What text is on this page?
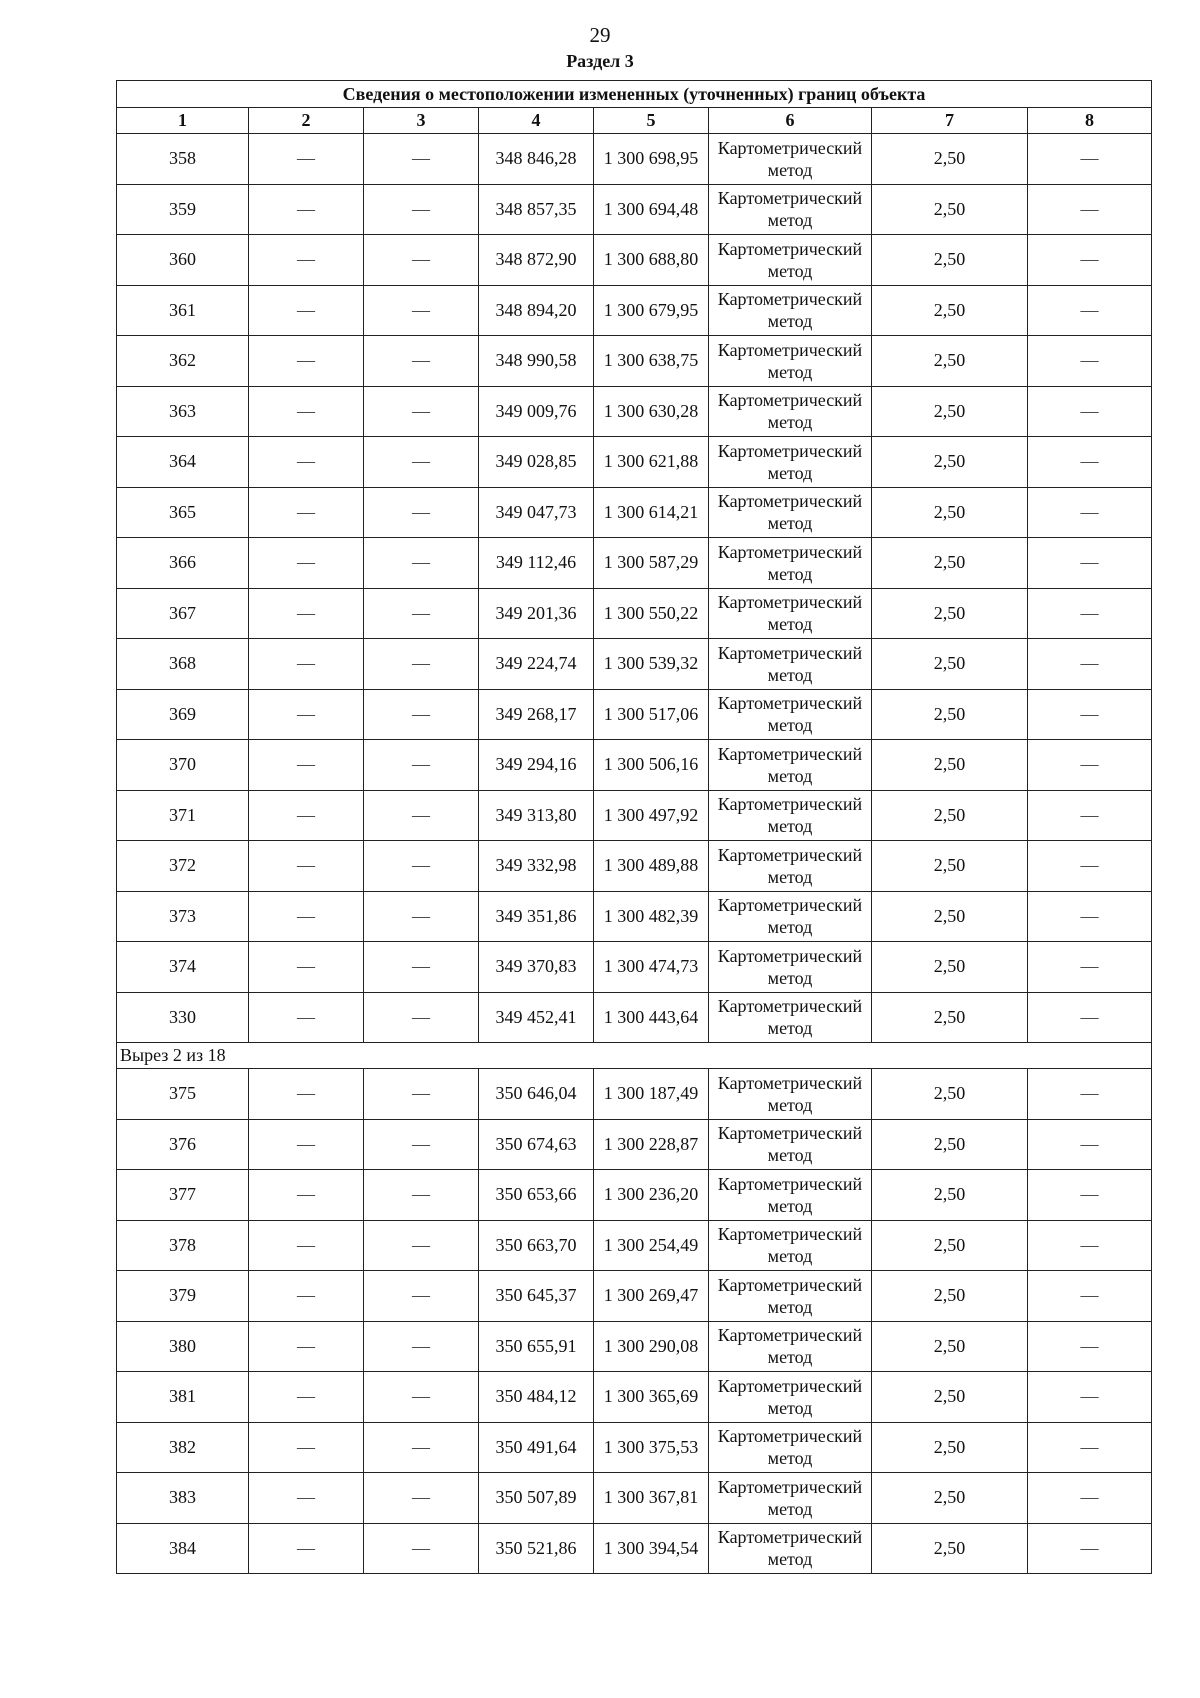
29
Раздел 3
Сведения о местоположении измененных (уточненных) границ объекта							
1	2	3	4	5	6	7	8
358	—	—	348 846,28	1 300 698,95	Картометрический метод	2,50	—
359	—	—	348 857,35	1 300 694,48	Картометрический метод	2,50	—
360	—	—	348 872,90	1 300 688,80	Картометрический метод	2,50	—
361	—	—	348 894,20	1 300 679,95	Картометрический метод	2,50	—
362	—	—	348 990,58	1 300 638,75	Картометрический метод	2,50	—
363	—	—	349 009,76	1 300 630,28	Картометрический метод	2,50	—
364	—	—	349 028,85	1 300 621,88	Картометрический метод	2,50	—
365	—	—	349 047,73	1 300 614,21	Картометрический метод	2,50	—
366	—	—	349 112,46	1 300 587,29	Картометрический метод	2,50	—
367	—	—	349 201,36	1 300 550,22	Картометрический метод	2,50	—
368	—	—	349 224,74	1 300 539,32	Картометрический метод	2,50	—
369	—	—	349 268,17	1 300 517,06	Картометрический метод	2,50	—
370	—	—	349 294,16	1 300 506,16	Картометрический метод	2,50	—
371	—	—	349 313,80	1 300 497,92	Картометрический метод	2,50	—
372	—	—	349 332,98	1 300 489,88	Картометрический метод	2,50	—
373	—	—	349 351,86	1 300 482,39	Картометрический метод	2,50	—
374	—	—	349 370,83	1 300 474,73	Картометрический метод	2,50	—
330	—	—	349 452,41	1 300 443,64	Картометрический метод	2,50	—
Вырез 2 из 18							
375	—	—	350 646,04	1 300 187,49	Картометрический метод	2,50	—
376	—	—	350 674,63	1 300 228,87	Картометрический метод	2,50	—
377	—	—	350 653,66	1 300 236,20	Картометрический метод	2,50	—
378	—	—	350 663,70	1 300 254,49	Картометрический метод	2,50	—
379	—	—	350 645,37	1 300 269,47	Картометрический метод	2,50	—
380	—	—	350 655,91	1 300 290,08	Картометрический метод	2,50	—
381	—	—	350 484,12	1 300 365,69	Картометрический метод	2,50	—
382	—	—	350 491,64	1 300 375,53	Картометрический метод	2,50	—
383	—	—	350 507,89	1 300 367,81	Картометрический метод	2,50	—
384	—	—	350 521,86	1 300 394,54	Картометрический метод	2,50	—
